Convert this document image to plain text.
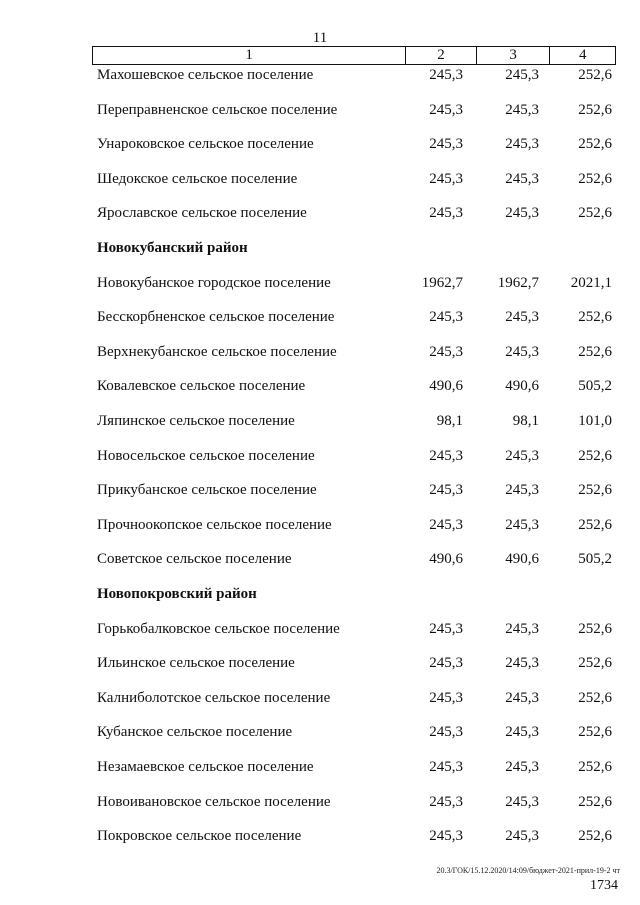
11
1	2	3	4
Махошевское сельское поселение	245,3	245,3	252,6
Переправненское сельское поселение	245,3	245,3	252,6
Унароковское сельское поселение	245,3	245,3	252,6
Шедокское сельское поселение	245,3	245,3	252,6
Ярославское сельское поселение	245,3	245,3	252,6
Новокубанский район
Новокубанское городское поселение	1962,7 1962,7 2021,1
Бесскорбненское сельское поселение	245,3	245,3	252,6
Верхнекубанское сельское поселение	245,3	245,3	252,6
Ковалевское сельское поселение	490,6	490,6	505,2
Ляпинское сельское поселение	98,1	98,1	101,0
Новосельское сельское поселение	245,3	245,3	252,6
Прикубанское сельское поселение	245,3	245,3	252,6
Прочноокопское сельское поселение	245,3	245,3	252,6
Советское сельское поселение	490,6	490,6	505,2
Новопокровский район
Горькобалковское сельское поселение	245,3	245,3	252,6
Ильинское сельское поселение	245,3	245,3	252,6
Калниболотское сельское поселение	245,3	245,3	252,6
Кубанское сельское поселение	245,3	245,3	252,6
Незамаевское сельское поселение	245,3	245,3	252,6
Новоивановское сельское поселение	245,3	245,3	252,6
Покровское сельское поселение	245,3	245,3	252,6
20.3/ГОК/15.12.2020/14:09/бюджет-2021-прил-19-2 чт
1734
